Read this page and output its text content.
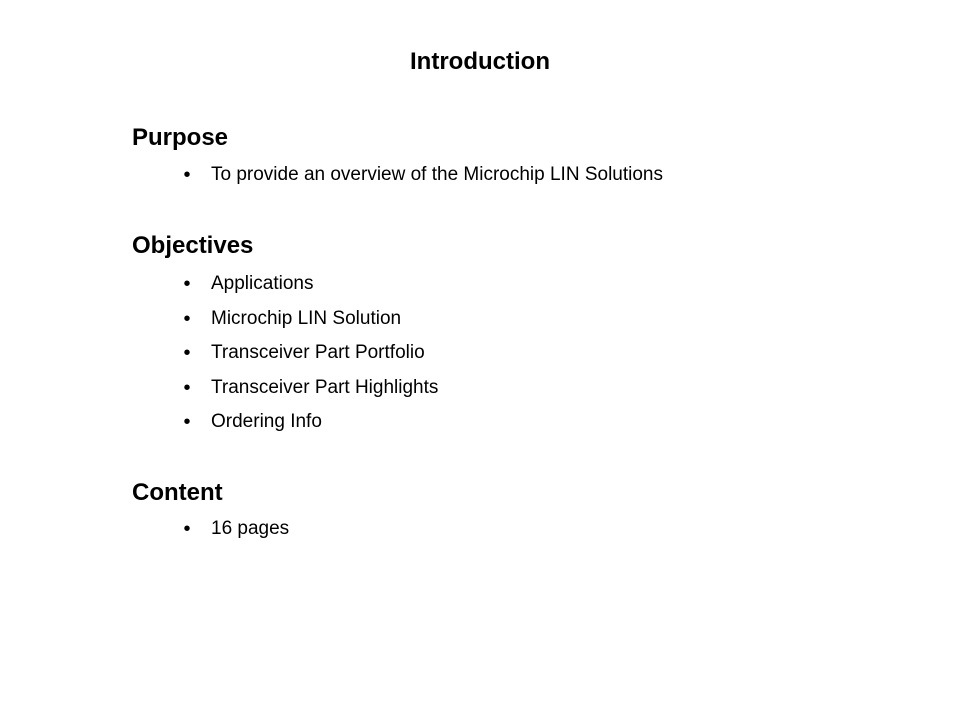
Introduction
Purpose
• To provide an overview of the Microchip LIN Solutions
Objectives
• Applications
• Microchip LIN Solution
• Transceiver Part Portfolio
• Transceiver Part Highlights
• Ordering Info
Content
• 16 pages
